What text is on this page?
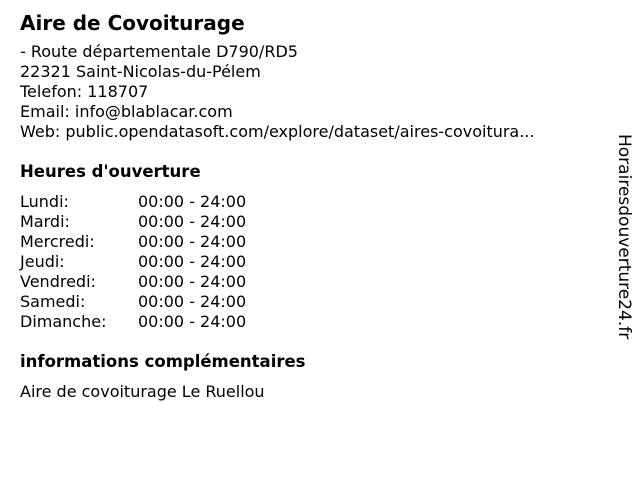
Aire de Covoiturage
- Route départementale D790/RD5
22321 Saint-Nicolas-du-Pélem
Telefon: 118707
Email: info@blablacar.com
Web: public.opendatasoft.com/explore/dataset/aires-covoitura...
Heures d'ouverture
Lundi:	00:00 - 24:00
Mardi:	00:00 - 24:00
Mercredi:	00:00 - 24:00
Jeudi:	00:00 - 24:00
Vendredi:	00:00 - 24:00
Samedi:	00:00 - 24:00
Dimanche:	00:00 - 24:00
informations complémentaires
Aire de covoiturage Le Ruellou
Horairesdouverture24.fr
